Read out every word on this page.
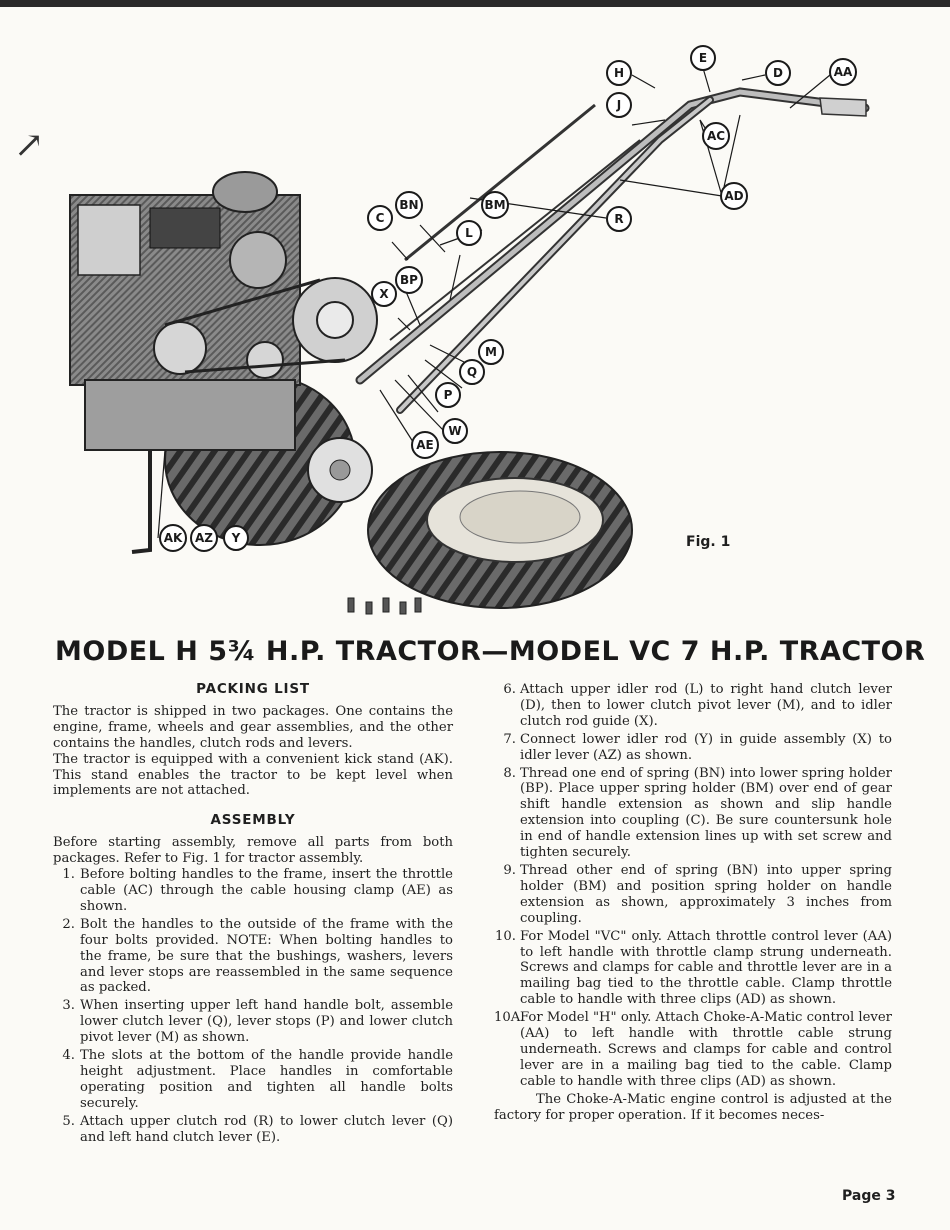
E
H	D	AA
J
AC
AD
BN	BM
C	R
L
BP
X
M
Q
P
W
AE
AK AZ Y	Fig. 1
↗
MODEL H 5¾ H.P. TRACTOR—MODEL VC 7 H.P. TRACTOR
PACKING LIST

The tractor is shipped in two packages. One contains the engine, frame, wheels and gear assemblies, and the other contains the handles, clutch rods and levers.

The tractor is equipped with a convenient kick stand (AK). This stand enables the tractor to be kept level when implements are not attached.

ASSEMBLY

Before starting assembly, remove all parts from both packages. Refer to Fig. 1 for tractor assembly.

1. Before bolting handles to the frame, insert the throttle cable (AC) through the cable housing clamp (AE) as shown.
2. Bolt the handles to the outside of the frame with the four bolts provided. NOTE: When bolting handles to the frame, be sure that the bushings, washers, levers and lever stops are reassembled in the same sequence as packed.
3. When inserting upper left hand handle bolt, assemble lower clutch lever (Q), lever stops (P) and lower clutch pivot lever (M) as shown.
4. The slots at the bottom of the handle provide handle height adjustment. Place handles in comfortable operating position and tighten all handle bolts securely.
5. Attach upper clutch rod (R) to lower clutch lever (Q) and left hand clutch lever (E).
6. Attach upper idler rod (L) to right hand clutch lever (D), then to lower clutch pivot lever (M), and to idler clutch rod guide (X).
7. Connect lower idler rod (Y) in guide assembly (X) to idler lever (AZ) as shown.
8. Thread one end of spring (BN) into lower spring holder (BP). Place upper spring holder (BM) over end of gear shift handle extension as shown and slip handle extension into coupling (C). Be sure countersunk hole in end of handle extension lines up with set screw and tighten securely.
9. Thread other end of spring (BN) into upper spring holder (BM) and position spring holder on handle extension as shown, approximately 3 inches from coupling.
10. For Model "VC" only. Attach throttle control lever (AA) to left handle with throttle clamp strung underneath. Screws and clamps for cable and throttle lever are in a mailing bag tied to the throttle cable. Clamp throttle cable to handle with three clips (AD) as shown.
10A.
For Model "H" only. Attach Choke-A-Matic control lever (AA) to left handle with throttle cable strung underneath. Screws and clamps for cable and control lever are in a mailing bag tied to the cable. Clamp cable to handle with three clips (AD) as shown.

The Choke-A-Matic engine control is adjusted at the factory for proper operation. If it becomes neces-

Page 3
